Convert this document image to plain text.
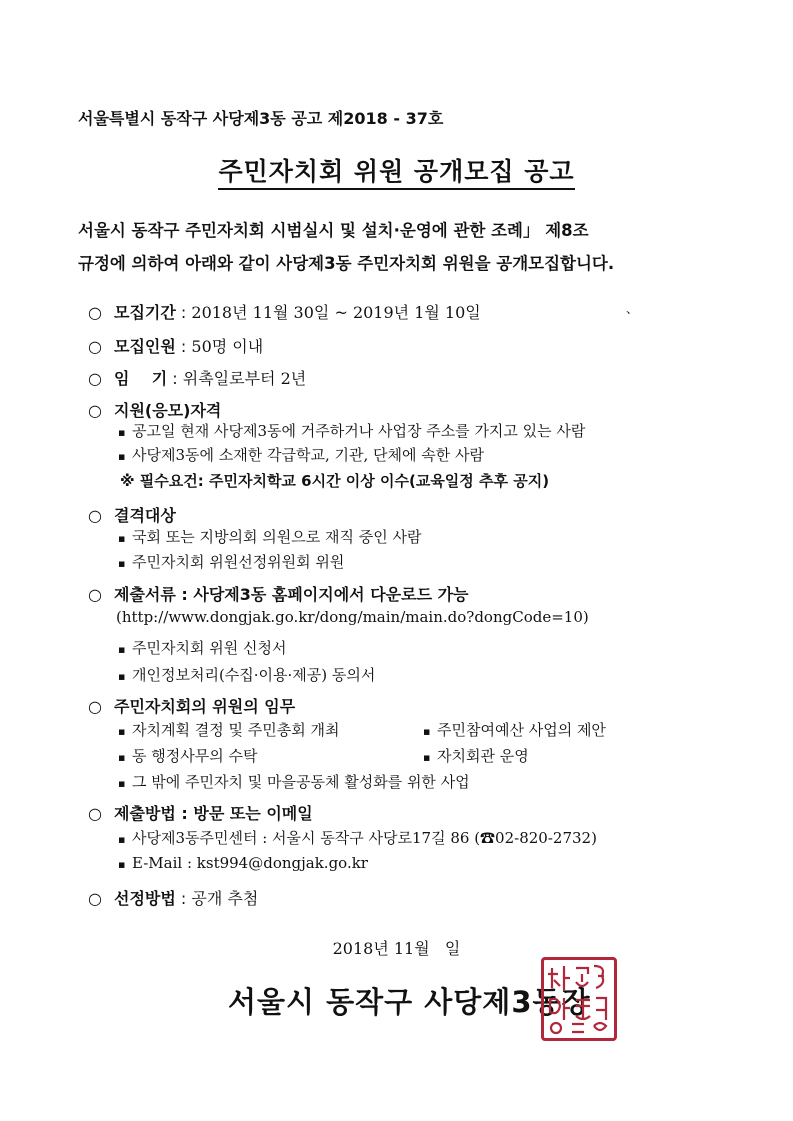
서울특별시 동작구 사당제3동 공고 제2018 - 37호
주민자치회 위원 공개모집 공고
서울시 동작구 주민자치회 시범실시 및 설치·운영에 관한 조례」 제8조
규정에 의하여 아래와 같이 사당제3동 주민자치회 위원을 공개모집합니다.
○ 모집기간 : 2018년 11월 30일 ~ 2019년 1월 10일	、
○ 모집인원 : 50명 이내
○ 임    기 : 위촉일로부터 2년
○ 지원(응모)자격
▪ 공고일 현재 사당제3동에 거주하거나 사업장 주소를 가지고 있는 사람
▪ 사당제3동에 소재한 각급학교, 기관, 단체에 속한 사람
※ 필수요건: 주민자치학교 6시간 이상 이수(교육일정 추후 공지)
○ 결격대상
▪ 국회 또는 지방의회 의원으로 재직 중인 사람
▪ 주민자치회 위원선정위원회 위원
○ 제출서류 : 사당제3동 홈페이지에서 다운로드 가능
(http://www.dongjak.go.kr/dong/main/main.do?dongCode=10)
▪ 주민자치회 위원 신청서
▪ 개인정보처리(수집·이용·제공) 동의서
○ 주민자치회의 위원의 임무
▪ 자치계획 결정 및 주민총회 개최	▪ 주민참여예산 사업의 제안
▪ 동 행정사무의 수탁	▪ 자치회관 운영
▪ 그 밖에 주민자치 및 마을공동체 활성화를 위한 사업
○ 제출방법 : 방문 또는 이메일
▪ 사당제3동주민센터 : 서울시 동작구 사당로17길 86 (☎02-820-2732)
▪ E-Mail : kst994@dongjak.go.kr
○ 선정방법 : 공개 추첨
2018년 11월   일
서울시 동작구 사당제3동장
